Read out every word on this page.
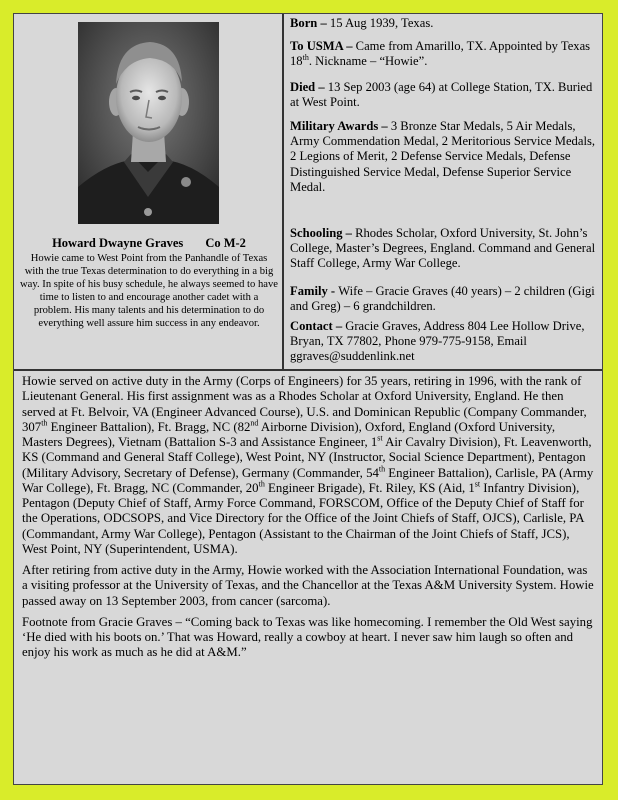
Howard Dwayne Graves Co M-2
Howie came to West Point from the Panhandle of Texas with the true Texas determination to do everything in a big way. In spite of his busy schedule, he always seemed to have time to listen to and encourage another cadet with a problem. His many talents and his determination to do everything well assure him success in any endeavor.
Born – 15 Aug 1939, Texas.
To USMA – Came from Amarillo, TX. Appointed by Texas 18th. Nickname – “Howie”.
Died – 13 Sep 2003 (age 64) at College Station, TX. Buried at West Point.
Military Awards – 3 Bronze Star Medals, 5 Air Medals, Army Commendation Medal, 2 Meritorious Service Medals, 2 Legions of Merit, 2 Defense Service Medals, Defense Distinguished Service Medal, Defense Superior Service Medal.
Schooling – Rhodes Scholar, Oxford University, St. John’s College, Master’s Degrees, England. Command and General Staff College, Army War College.
Family - Wife – Gracie Graves (40 years) – 2 children (Gigi and Greg) – 6 grandchildren.
Contact – Gracie Graves, Address 804 Lee Hollow Drive, Bryan, TX 77802, Phone 979-775-9158, Email ggraves@suddenlink.net

Howie served on active duty in the Army (Corps of Engineers) for 35 years, retiring in 1996, with the rank of Lieutenant General. His first assignment was as a Rhodes Scholar at Oxford University, England. He then served at Ft. Belvoir, VA (Engineer Advanced Course), U.S. and Dominican Republic (Company Commander, 307th Engineer Battalion), Ft. Bragg, NC (82nd Airborne Division), Oxford, England (Oxford University, Masters Degrees), Vietnam (Battalion S-3 and Assistance Engineer, 1st Air Cavalry Division), Ft. Leavenworth, KS (Command and General Staff College), West Point, NY (Instructor, Social Science Department), Pentagon (Military Advisory, Secretary of Defense), Germany (Commander, 54th Engineer Battalion), Carlisle, PA (Army War College), Ft. Bragg, NC (Commander, 20th Engineer Brigade), Ft. Riley, KS (Aid, 1st Infantry Division), Pentagon (Deputy Chief of Staff, Army Force Command, FORSCOM, Office of the Deputy Chief of Staff for the Operations, ODCSOPS, and Vice Directory for the Office of the Joint Chiefs of Staff, OJCS), Carlisle, PA (Commandant, Army War College), Pentagon (Assistant to the Chairman of the Joint Chiefs of Staff, JCS), West Point, NY (Superintendent, USMA).

After retiring from active duty in the Army, Howie worked with the Association International Foundation, was a visiting professor at the University of Texas, and the Chancellor at the Texas A&M University System. Howie passed away on 13 September 2003, from cancer (sarcoma).

Footnote from Gracie Graves – “Coming back to Texas was like homecoming. I remember the Old West saying ‘He died with his boots on.’ That was Howard, really a cowboy at heart. I never saw him laugh so often and enjoy his work as much as he did at A&M.”
